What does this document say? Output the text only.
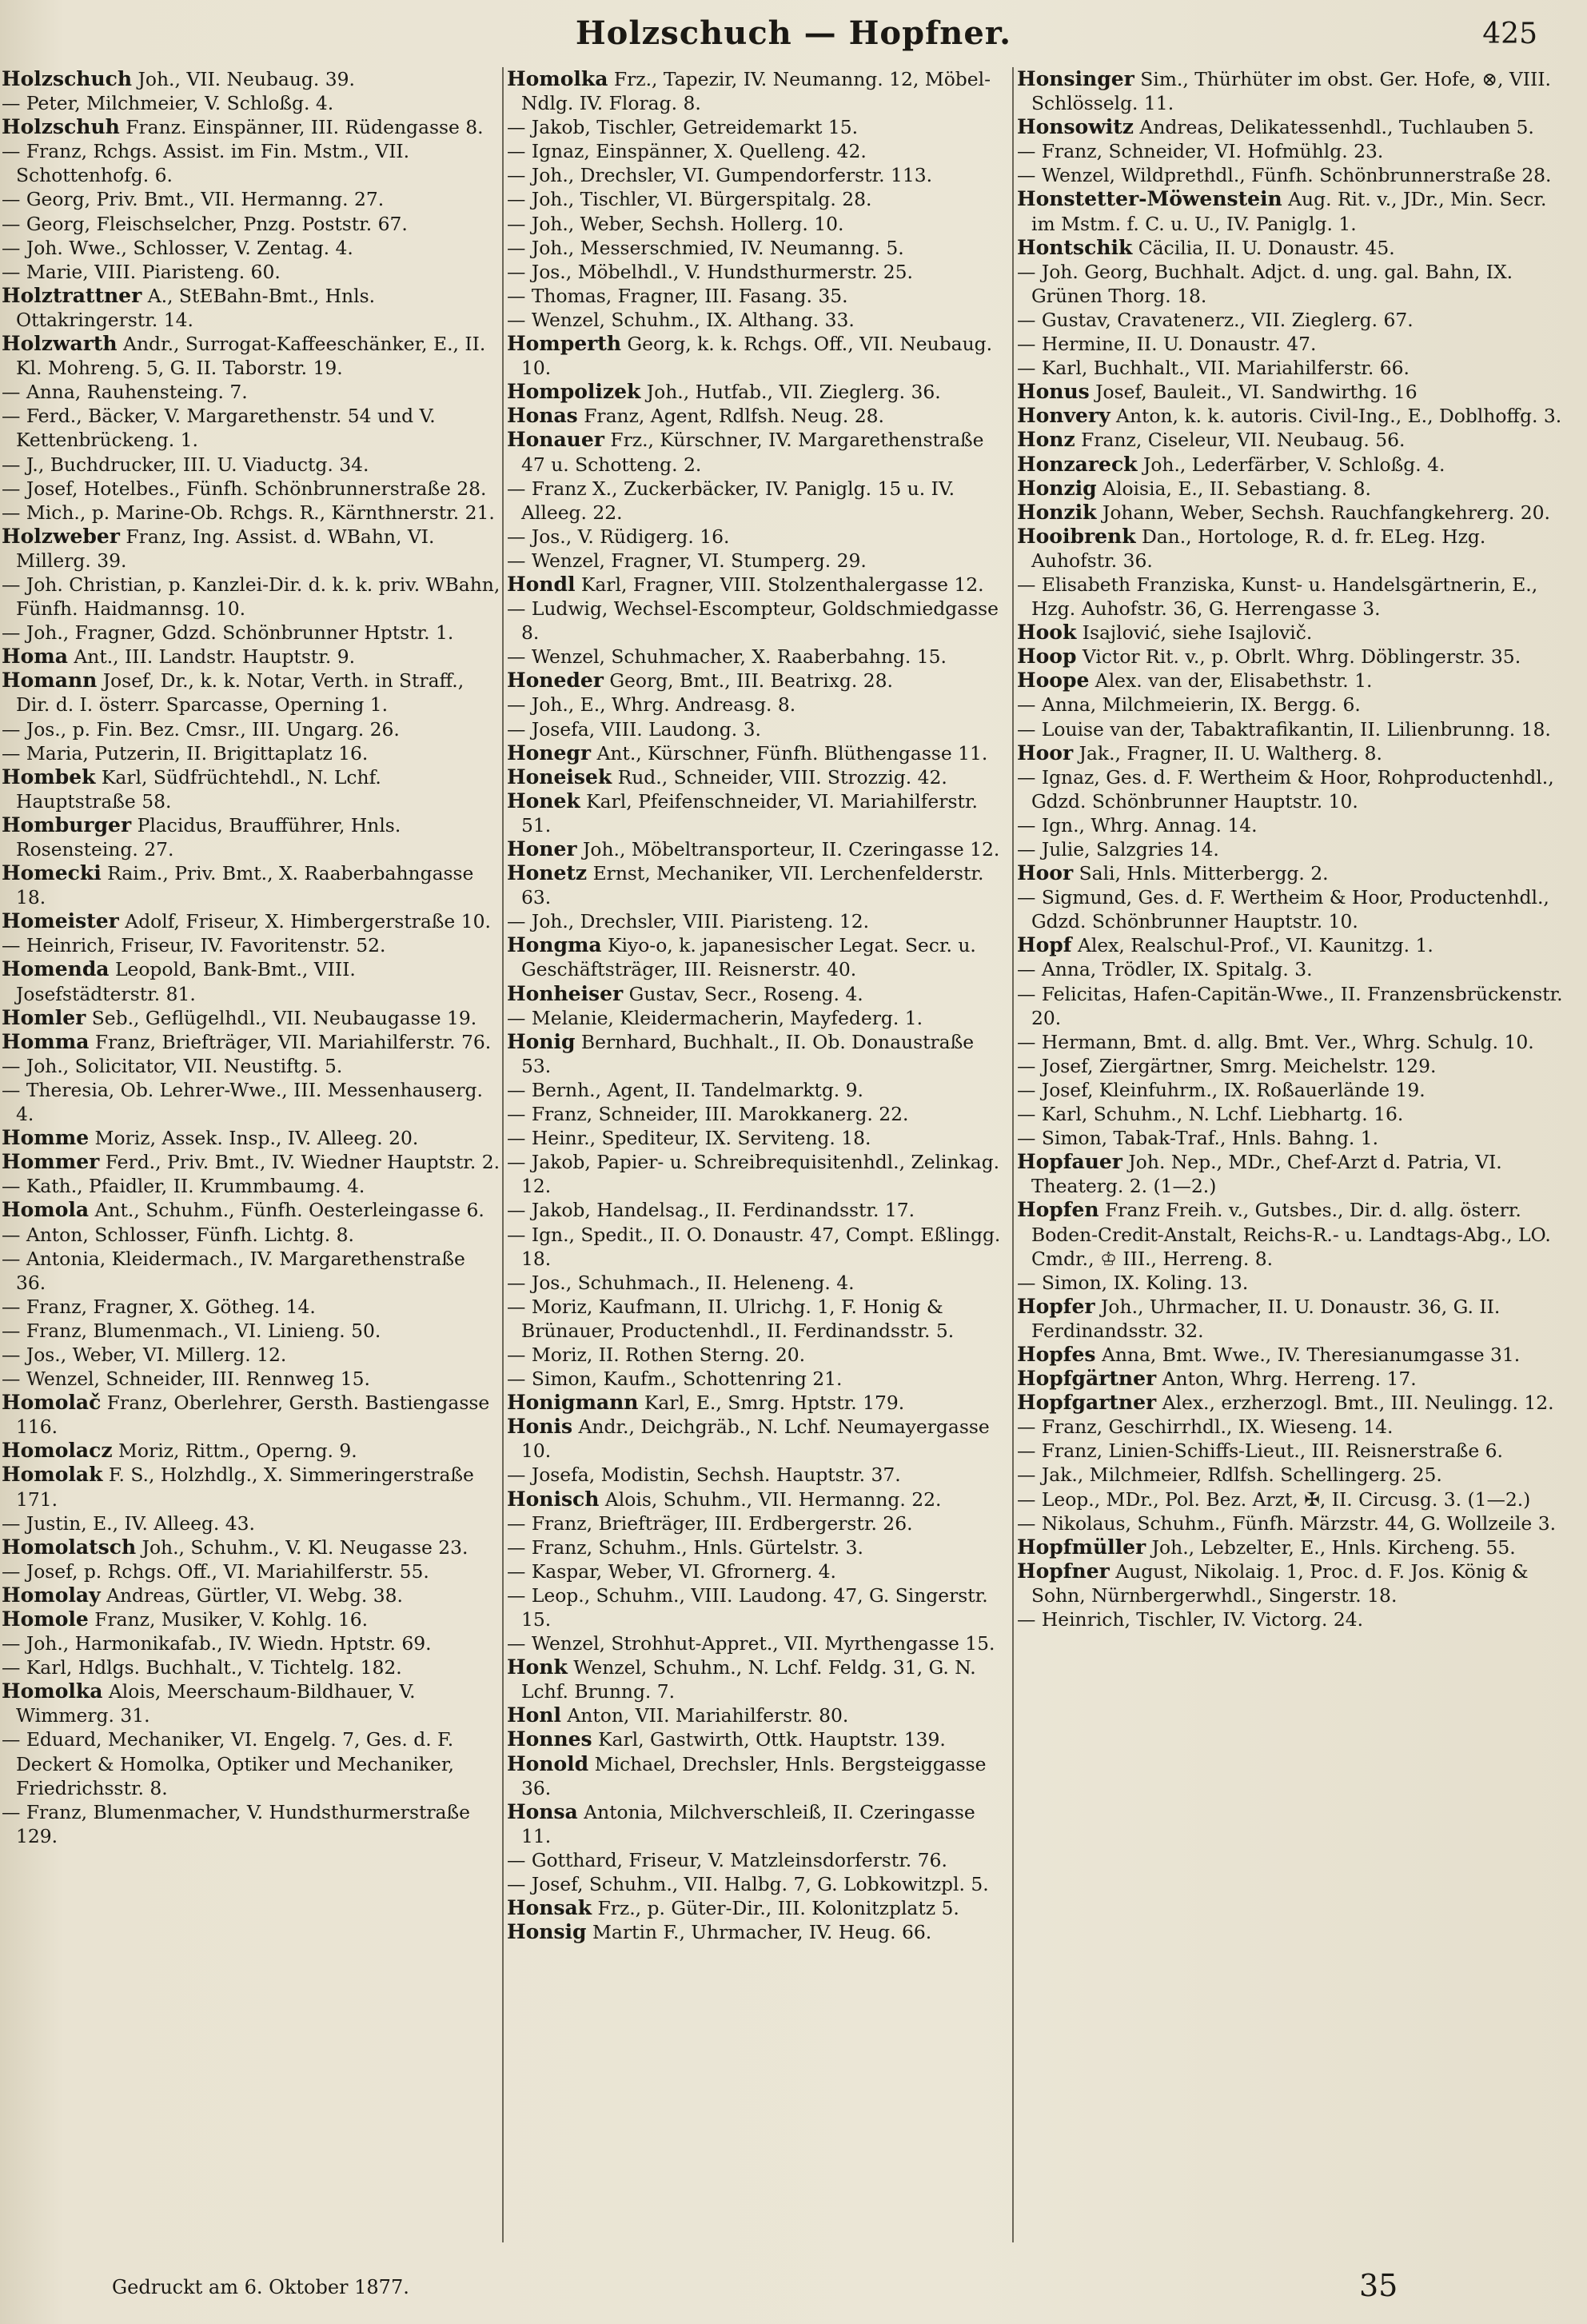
Holzschuch — Hopfner.	425

Holzschuch Joh., VII. Neubaug. 39.

— Peter, Milchmeier, V. Schloßg. 4.

Holzschuh Franz. Einspänner, III. Rüdengasse 8.

— Franz, Rchgs. Assist. im Fin. Mstm., VII. Schottenhofg. 6.

— Georg, Priv. Bmt., VII. Hermanng. 27.

— Georg, Fleischselcher, Pnzg. Poststr. 67.

— Joh. Wwe., Schlosser, V. Zentag. 4.

— Marie, VIII. Piaristeng. 60.

Holztrattner A., StEBahn-Bmt., Hnls. Ottakringerstr. 14.

Holzwarth Andr., Surrogat-Kaffeeschänker, E., II. Kl. Mohreng. 5, G. II. Taborstr. 19.

— Anna, Rauhensteing. 7.

— Ferd., Bäcker, V. Margarethenstr. 54 und V. Kettenbrückeng. 1.

— J., Buchdrucker, III. U. Viaductg. 34.

— Josef, Hotelbes., Fünfh. Schönbrunnerstraße 28.

— Mich., p. Marine-Ob. Rchgs. R., Kärnthnerstr. 21.

Holzweber Franz, Ing. Assist. d. WBahn, VI. Millerg. 39.

— Joh. Christian, p. Kanzlei-Dir. d. k. k. priv. WBahn, Fünfh. Haidmannsg. 10.

— Joh., Fragner, Gdzd. Schönbrunner Hptstr. 1.

Homa Ant., III. Landstr. Hauptstr. 9.

Homann Josef, Dr., k. k. Notar, Verth. in Straff., Dir. d. I. österr. Sparcasse, Operning 1.

— Jos., p. Fin. Bez. Cmsr., III. Ungarg. 26.

— Maria, Putzerin, II. Brigittaplatz 16.

Hombek Karl, Südfrüchtehdl., N. Lchf. Hauptstraße 58.

Homburger Placidus, Braufführer, Hnls. Rosensteing. 27.

Homecki Raim., Priv. Bmt., X. Raaberbahngasse 18.

Homeister Adolf, Friseur, X. Himbergerstraße 10.

— Heinrich, Friseur, IV. Favoritenstr. 52.

Homenda Leopold, Bank-Bmt., VIII. Josefstädterstr. 81.

Homler Seb., Geflügelhdl., VII. Neubaugasse 19.

Homma Franz, Briefträger, VII. Mariahilferstr. 76.

— Joh., Solicitator, VII. Neustiftg. 5.

— Theresia, Ob. Lehrer-Wwe., III. Messenhauserg. 4.

Homme Moriz, Assek. Insp., IV. Alleeg. 20.

Hommer Ferd., Priv. Bmt., IV. Wiedner Hauptstr. 2.

— Kath., Pfaidler, II. Krummbaumg. 4.

Homola Ant., Schuhm., Fünfh. Oesterleingasse 6.

— Anton, Schlosser, Fünfh. Lichtg. 8.

— Antonia, Kleidermach., IV. Margarethenstraße 36.

— Franz, Fragner, X. Götheg. 14.

— Franz, Blumenmach., VI. Linieng. 50.

— Jos., Weber, VI. Millerg. 12.

— Wenzel, Schneider, III. Rennweg 15.

Homolač Franz, Oberlehrer, Gersth. Bastiengasse 116.

Homolacz Moriz, Rittm., Operng. 9.

Homolak F. S., Holzhdlg., X. Simmeringerstraße 171.

— Justin, E., IV. Alleeg. 43.

Homolatsch Joh., Schuhm., V. Kl. Neugasse 23.

— Josef, p. Rchgs. Off., VI. Mariahilferstr. 55.

Homolay Andreas, Gürtler, VI. Webg. 38.

Homole Franz, Musiker, V. Kohlg. 16.

— Joh., Harmonikafab., IV. Wiedn. Hptstr. 69.

— Karl, Hdlgs. Buchhalt., V. Tichtelg. 182.

Homolka Alois, Meerschaum-Bildhauer, V. Wimmerg. 31.

— Eduard, Mechaniker, VI. Engelg. 7, Ges. d. F. Deckert & Homolka, Optiker und Mechaniker, Friedrichsstr. 8.

— Franz, Blumenmacher, V. Hundsthurmerstraße 129.

Homolka Frz., Tapezir, IV. Neumanng. 12, Möbel-Ndlg. IV. Florag. 8.

— Jakob, Tischler, Getreidemarkt 15.

— Ignaz, Einspänner, X. Quelleng. 42.

— Joh., Drechsler, VI. Gumpendorferstr. 113.

— Joh., Tischler, VI. Bürgerspitalg. 28.

— Joh., Weber, Sechsh. Hollerg. 10.

— Joh., Messerschmied, IV. Neumanng. 5.

— Jos., Möbelhdl., V. Hundsthurmerstr. 25.

— Thomas, Fragner, III. Fasang. 35.

— Wenzel, Schuhm., IX. Althang. 33.

Homperth Georg, k. k. Rchgs. Off., VII. Neubaug. 10.

Hompolizek Joh., Hutfab., VII. Zieglerg. 36.

Honas Franz, Agent, Rdlfsh. Neug. 28.

Honauer Frz., Kürschner, IV. Margarethenstraße 47 u. Schotteng. 2.

— Franz X., Zuckerbäcker, IV. Paniglg. 15 u. IV. Alleeg. 22.

— Jos., V. Rüdigerg. 16.

— Wenzel, Fragner, VI. Stumperg. 29.

Hondl Karl, Fragner, VIII. Stolzenthalergasse 12.

— Ludwig, Wechsel-Escompteur, Goldschmiedgasse 8.

— Wenzel, Schuhmacher, X. Raaberbahng. 15.

Honeder Georg, Bmt., III. Beatrixg. 28.

— Joh., E., Whrg. Andreasg. 8.

— Josefa, VIII. Laudong. 3.

Honegr Ant., Kürschner, Fünfh. Blüthengasse 11.

Honeisek Rud., Schneider, VIII. Strozzig. 42.

Honek Karl, Pfeifenschneider, VI. Mariahilferstr. 51.

Honer Joh., Möbeltransporteur, II. Czeringasse 12.

Honetz Ernst, Mechaniker, VII. Lerchenfelderstr. 63.

— Joh., Drechsler, VIII. Piaristeng. 12.

Hongma Kiyo-o, k. japanesischer Legat. Secr. u. Geschäftsträger, III. Reisnerstr. 40.

Honheiser Gustav, Secr., Roseng. 4.

— Melanie, Kleidermacherin, Mayfederg. 1.

Honig Bernhard, Buchhalt., II. Ob. Donaustraße 53.

— Bernh., Agent, II. Tandelmarktg. 9.

— Franz, Schneider, III. Marokkanerg. 22.

— Heinr., Spediteur, IX. Serviteng. 18.

— Jakob, Papier- u. Schreibrequisitenhdl., Zelinkag. 12.

— Jakob, Handelsag., II. Ferdinandsstr. 17.

— Ign., Spedit., II. O. Donaustr. 47, Compt. Eßlingg. 18.

— Jos., Schuhmach., II. Heleneng. 4.

— Moriz, Kaufmann, II. Ulrichg. 1, F. Honig & Brünauer, Productenhdl., II. Ferdinandsstr. 5.

— Moriz, II. Rothen Sterng. 20.

— Simon, Kaufm., Schottenring 21.

Honigmann Karl, E., Smrg. Hptstr. 179.

Honis Andr., Deichgräb., N. Lchf. Neumayergasse 10.

— Josefa, Modistin, Sechsh. Hauptstr. 37.

Honisch Alois, Schuhm., VII. Hermanng. 22.

— Franz, Briefträger, III. Erdbergerstr. 26.

— Franz, Schuhm., Hnls. Gürtelstr. 3.

— Kaspar, Weber, VI. Gfrornerg. 4.

— Leop., Schuhm., VIII. Laudong. 47, G. Singerstr. 15.

— Wenzel, Strohhut-Appret., VII. Myrthengasse 15.

Honk Wenzel, Schuhm., N. Lchf. Feldg. 31, G. N. Lchf. Brunng. 7.

Honl Anton, VII. Mariahilferstr. 80.

Honnes Karl, Gastwirth, Ottk. Hauptstr. 139.

Honold Michael, Drechsler, Hnls. Bergsteiggasse 36.

Honsa Antonia, Milchverschleiß, II. Czeringasse 11.

— Gotthard, Friseur, V. Matzleinsdorferstr. 76.

— Josef, Schuhm., VII. Halbg. 7, G. Lobkowitzpl. 5.

Honsak Frz., p. Güter-Dir., III. Kolonitzplatz 5.

Honsig Martin F., Uhrmacher, IV. Heug. 66.

Honsinger Sim., Thürhüter im obst. Ger. Hofe, ⊗, VIII. Schlösselg. 11.

Honsowitz Andreas, Delikatessenhdl., Tuchlauben 5.

— Franz, Schneider, VI. Hofmühlg. 23.

— Wenzel, Wildprethdl., Fünfh. Schönbrunnerstraße 28.

Honstetter-Möwenstein Aug. Rit. v., JDr., Min. Secr. im Mstm. f. C. u. U., IV. Paniglg. 1.

Hontschik Cäcilia, II. U. Donaustr. 45.

— Joh. Georg, Buchhalt. Adjct. d. ung. gal. Bahn, IX. Grünen Thorg. 18.

— Gustav, Cravatenerz., VII. Zieglerg. 67.

— Hermine, II. U. Donaustr. 47.

— Karl, Buchhalt., VII. Mariahilferstr. 66.

Honus Josef, Bauleit., VI. Sandwirthg. 16

Honvery Anton, k. k. autoris. Civil-Ing., E., Doblhoffg. 3.

Honz Franz, Ciseleur, VII. Neubaug. 56.

Honzareck Joh., Lederfärber, V. Schloßg. 4.

Honzig Aloisia, E., II. Sebastiang. 8.

Honzik Johann, Weber, Sechsh. Rauchfangkehrerg. 20.

Hooibrenk Dan., Hortologe, R. d. fr. ELeg. Hzg. Auhofstr. 36.

— Elisabeth Franziska, Kunst- u. Handelsgärtnerin, E., Hzg. Auhofstr. 36, G. Herrengasse 3.

Hook Isajlović, siehe Isajlovič.

Hoop Victor Rit. v., p. Obrlt. Whrg. Döblingerstr. 35.

Hoope Alex. van der, Elisabethstr. 1.

— Anna, Milchmeierin, IX. Bergg. 6.

— Louise van der, Tabaktrafikantin, II. Lilienbrunng. 18.

Hoor Jak., Fragner, II. U. Waltherg. 8.

— Ignaz, Ges. d. F. Wertheim & Hoor, Rohproductenhdl., Gdzd. Schönbrunner Hauptstr. 10.

— Ign., Whrg. Annag. 14.

— Julie, Salzgries 14.

Hoor Sali, Hnls. Mitterbergg. 2.

— Sigmund, Ges. d. F. Wertheim & Hoor, Productenhdl., Gdzd. Schönbrunner Hauptstr. 10.

Hopf Alex, Realschul-Prof., VI. Kaunitzg. 1.

— Anna, Trödler, IX. Spitalg. 3.

— Felicitas, Hafen-Capitän-Wwe., II. Franzensbrückenstr. 20.

— Hermann, Bmt. d. allg. Bmt. Ver., Whrg. Schulg. 10.

— Josef, Ziergärtner, Smrg. Meichelstr. 129.

— Josef, Kleinfuhrm., IX. Roßauerlände 19.

— Karl, Schuhm., N. Lchf. Liebhartg. 16.

— Simon, Tabak-Traf., Hnls. Bahng. 1.

Hopfauer Joh. Nep., MDr., Chef-Arzt d. Patria, VI. Theaterg. 2. (1—2.)

Hopfen Franz Freih. v., Gutsbes., Dir. d. allg. österr. Boden-Credit-Anstalt, Reichs-R.- u. Landtags-Abg., LO. Cmdr., ♔ III., Herreng. 8.

— Simon, IX. Koling. 13.

Hopfer Joh., Uhrmacher, II. U. Donaustr. 36, G. II. Ferdinandsstr. 32.

Hopfes Anna, Bmt. Wwe., IV. Theresianumgasse 31.

Hopfgärtner Anton, Whrg. Herreng. 17.

Hopfgartner Alex., erzherzogl. Bmt., III. Neulingg. 12.

— Franz, Geschirrhdl., IX. Wieseng. 14.

— Franz, Linien-Schiffs-Lieut., III. Reisnerstraße 6.

— Jak., Milchmeier, Rdlfsh. Schellingerg. 25.

— Leop., MDr., Pol. Bez. Arzt, ✠, II. Circusg. 3. (1—2.)

— Nikolaus, Schuhm., Fünfh. Märzstr. 44, G. Wollzeile 3.

Hopfmüller Joh., Lebzelter, E., Hnls. Kircheng. 55.

Hopfner August, Nikolaig. 1, Proc. d. F. Jos. König & Sohn, Nürnbergerwhdl., Singerstr. 18.

— Heinrich, Tischler, IV. Victorg. 24.

Gedruckt am 6. Oktober 1877.	35
